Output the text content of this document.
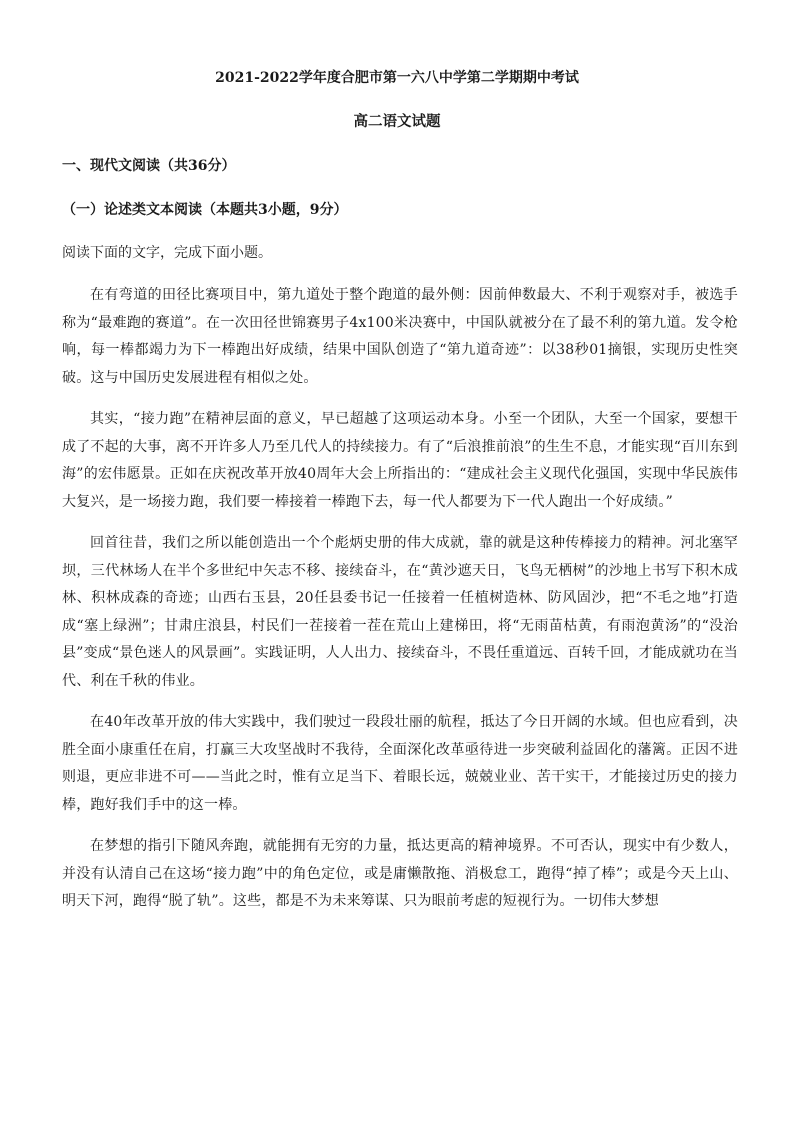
2021-2022学年度合肥市第一六八中学第二学期期中考试

高二语文试题

一、现代文阅读（共36分）

（一）论述类文本阅读（本题共3小题，9分）

阅读下面的文字，完成下面小题。

在有弯道的田径比赛项目中，第九道处于整个跑道的最外侧：因前伸数最大、不利于观察对手，被选手称为“最难跑的赛道”。在一次田径世锦赛男子4x100米决赛中，中国队就被分在了最不利的第九道。发令枪响，每一棒都竭力为下一棒跑出好成绩，结果中国队创造了“第九道奇迹”：以38秒01摘银，实现历史性突破。这与中国历史发展进程有相似之处。

其实，“接力跑”在精神层面的意义，早已超越了这项运动本身。小至一个团队，大至一个国家，要想干成了不起的大事，离不开许多人乃至几代人的持续接力。有了“后浪推前浪”的生生不息，才能实现“百川东到海”的宏伟愿景。正如在庆祝改革开放40周年大会上所指出的：“建成社会主义现代化强国，实现中华民族伟大复兴，是一场接力跑，我们要一棒接着一棒跑下去，每一代人都要为下一代人跑出一个好成绩。”

回首往昔，我们之所以能创造出一个个彪炳史册的伟大成就，靠的就是这种传棒接力的精神。河北塞罕坝，三代林场人在半个多世纪中矢志不移、接续奋斗，在“黄沙遮天日，飞鸟无栖树”的沙地上书写下积木成林、积林成森的奇迹；山西右玉县，20任县委书记一任接着一任植树造林、防风固沙，把“不毛之地”打造成“塞上绿洲”；甘肃庄浪县，村民们一茬接着一茬在荒山上建梯田，将“无雨苗枯黄，有雨泡黄汤”的“没治县”变成“景色迷人的风景画”。实践证明，人人出力、接续奋斗，不畏任重道远、百转千回，才能成就功在当代、利在千秋的伟业。

在40年改革开放的伟大实践中，我们驶过一段段壮丽的航程，抵达了今日开阔的水域。但也应看到，决胜全面小康重任在肩，打赢三大攻坚战时不我待，全面深化改革亟待进一步突破利益固化的藩篱。正因不进则退，更应非进不可——当此之时，惟有立足当下、着眼长远，兢兢业业、苦干实干，才能接过历史的接力棒，跑好我们手中的这一棒。

在梦想的指引下随风奔跑，就能拥有无穷的力量，抵达更高的精神境界。不可否认，现实中有少数人，并没有认清自己在这场“接力跑”中的角色定位，或是庸懒散拖、消极怠工，跑得“掉了棒”；或是今天上山、明天下河，跑得“脱了轨”。这些，都是不为未来筹谋、只为眼前考虑的短视行为。一切伟大梦想
